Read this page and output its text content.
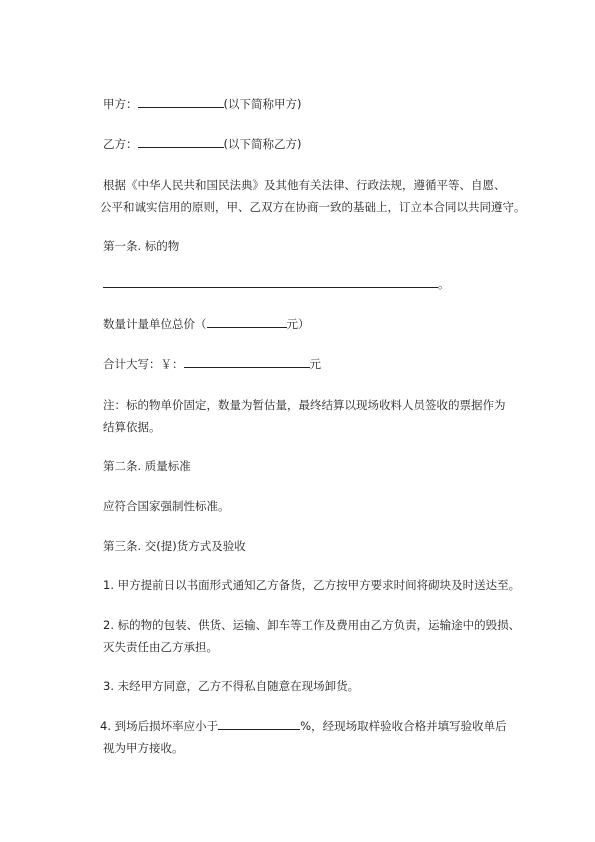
甲方：	(以下简称甲方)
乙方：	(以下简称乙方)
根据《中华人民共和国民法典》及其他有关法律、行政法规，遵循平等、自愿、
公平和诚实信用的原则，甲、乙双方在协商一致的基础上，订立本合同以共同遵守。
第一条. 标的物
。
数量计量单位总价（	元）
合计大写：￥：	元
注：标的物单价固定，数量为暂估量，最终结算以现场收料人员签收的票据作为
结算依据。
第二条. 质量标准
应符合国家强制性标准。
第三条. 交(提)货方式及验收
1. 甲方提前日以书面形式通知乙方备货，乙方按甲方要求时间将砌块及时送达至。
2. 标的物的包装、供货、运输、卸车等工作及费用由乙方负责，运输途中的毁损、
灭失责任由乙方承担。
3. 未经甲方同意，乙方不得私自随意在现场卸货。
4. 到场后损坏率应小于	%，经现场取样验收合格并填写验收单后
视为甲方接收。
